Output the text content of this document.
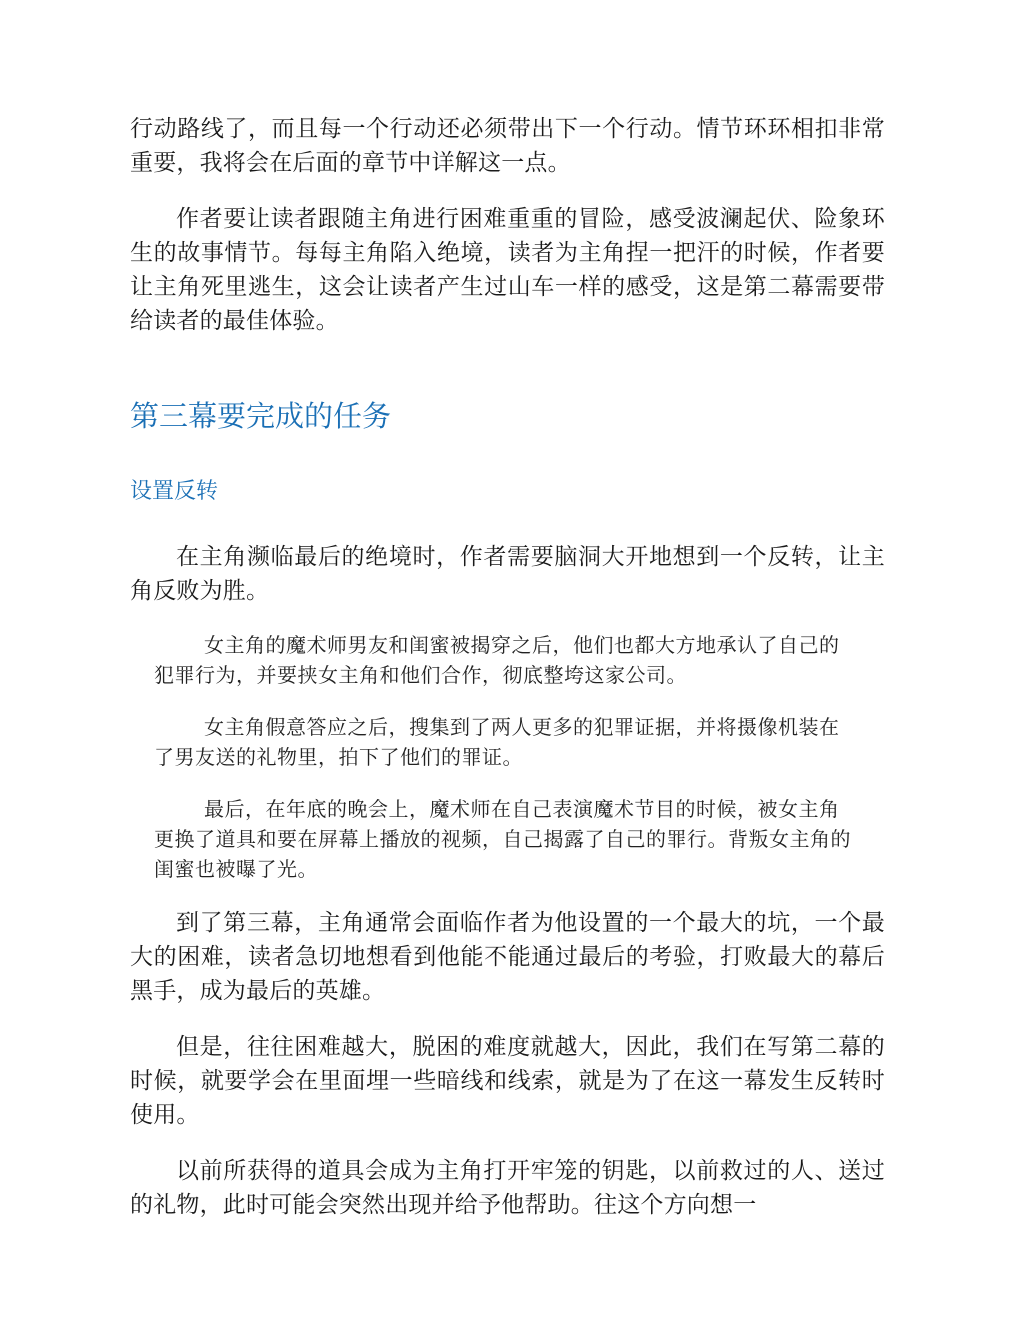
行动路线了，而且每一个行动还必须带出下一个行动。情节环环相扣非常重要，我将会在后面的章节中详解这一点。

作者要让读者跟随主角进行困难重重的冒险，感受波澜起伏、险象环生的故事情节。每每主角陷入绝境，读者为主角捏一把汗的时候，作者要让主角死里逃生，这会让读者产生过山车一样的感受，这是第二幕需要带给读者的最佳体验。

第三幕要完成的任务
设置反转

在主角濒临最后的绝境时，作者需要脑洞大开地想到一个反转，让主角反败为胜。

女主角的魔术师男友和闺蜜被揭穿之后，他们也都大方地承认了自己的犯罪行为，并要挟女主角和他们合作，彻底整垮这家公司。

女主角假意答应之后，搜集到了两人更多的犯罪证据，并将摄像机装在了男友送的礼物里，拍下了他们的罪证。

最后，在年底的晚会上，魔术师在自己表演魔术节目的时候，被女主角更换了道具和要在屏幕上播放的视频，自己揭露了自己的罪行。背叛女主角的闺蜜也被曝了光。

到了第三幕，主角通常会面临作者为他设置的一个最大的坑，一个最大的困难，读者急切地想看到他能不能通过最后的考验，打败最大的幕后黑手，成为最后的英雄。

但是，往往困难越大，脱困的难度就越大，因此，我们在写第二幕的时候，就要学会在里面埋一些暗线和线索，就是为了在这一幕发生反转时使用。

以前所获得的道具会成为主角打开牢笼的钥匙，以前救过的人、送过的礼物，此时可能会突然出现并给予他帮助。往这个方向想一
